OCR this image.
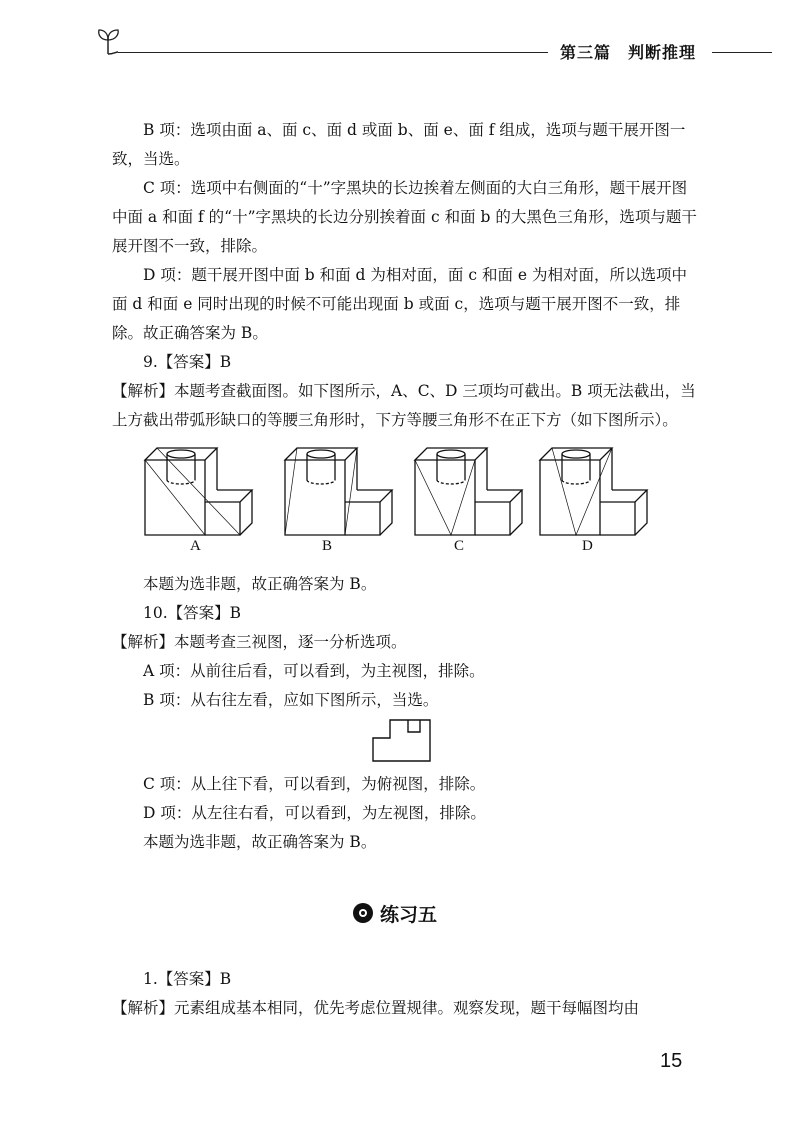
第三篇　判断推理

B 项：选项由面 a、面 c、面 d 或面 b、面 e、面 f 组成，选项与题干展开图一致，当选。

C 项：选项中右侧面的“十”字黑块的长边挨着左侧面的大白三角形，题干展开图中面 a 和面 f 的“十”字黑块的长边分别挨着面 c 和面 b 的大黑色三角形，选项与题干展开图不一致，排除。

D 项：题干展开图中面 b 和面 d 为相对面，面 c 和面 e 为相对面，所以选项中面 d 和面 e 同时出现的时候不可能出现面 b 或面 c，选项与题干展开图不一致，排除。 故正确答案为 B。

9.【答案】B

【解析】本题考查截面图。如下图所示，A、C、D 三项均可截出。B 项无法截出，当上方截出带弧形缺口的等腰三角形时，下方等腰三角形不在正下方（如下图所示）。

A	B	C	D

本题为选非题，故正确答案为 B。

10.【答案】B

【解析】本题考查三视图，逐一分析选项。

A 项：从前往后看，可以看到，为主视图，排除。

B 项：从右往左看，应如下图所示，当选。

C 项：从上往下看，可以看到，为俯视图，排除。

D 项：从左往右看，可以看到，为左视图，排除。

本题为选非题，故正确答案为 B。

练习五

1.【答案】B

【解析】元素组成基本相同，优先考虑位置规律。观察发现，题干每幅图均由

15
